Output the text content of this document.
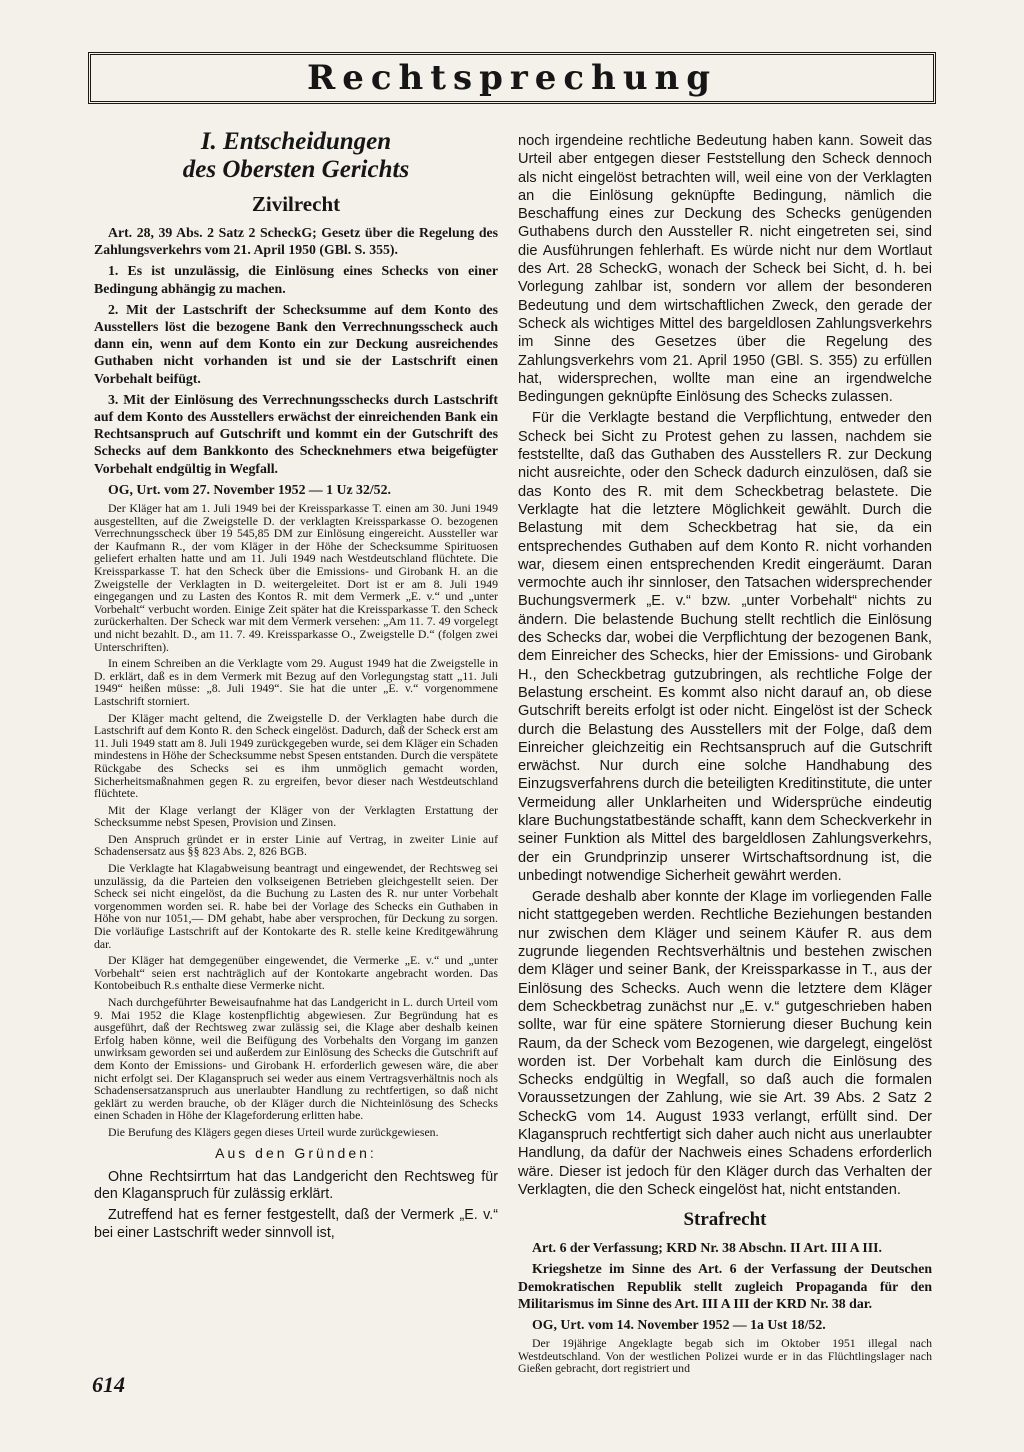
Rechtsprechung

I. Entscheidungen

des Obersten Gerichts

Zivilrecht

Art. 28, 39 Abs. 2 Satz 2 ScheckG; Gesetz über die Regelung des Zahlungsverkehrs vom 21. April 1950 (GBl. S. 355).

1. Es ist unzulässig, die Einlösung eines Schecks von einer Bedingung abhängig zu machen.

2. Mit der Lastschrift der Schecksumme auf dem Konto des Ausstellers löst die bezogene Bank den Verrechnungsscheck auch dann ein, wenn auf dem Konto ein zur Deckung ausreichendes Guthaben nicht vorhanden ist und sie der Lastschrift einen Vorbehalt beifügt.

3. Mit der Einlösung des Verrechnungsschecks durch Lastschrift auf dem Konto des Ausstellers erwächst der einreichenden Bank ein Rechtsanspruch auf Gutschrift und kommt ein der Gutschrift des Schecks auf dem Bankkonto des Schecknehmers etwa beigefügter Vorbehalt endgültig in Wegfall.

OG, Urt. vom 27. November 1952 — 1 Uz 32/52.

Der Kläger hat am 1. Juli 1949 bei der Kreissparkasse T. einen am 30. Juni 1949 ausgestellten, auf die Zweigstelle D. der verklagten Kreissparkasse O. bezogenen Verrechnungsscheck über 19 545,85 DM zur Einlösung eingereicht. Aussteller war der Kaufmann R., der vom Kläger in der Höhe der Schecksumme Spirituosen geliefert erhalten hatte und am 11. Juli 1949 nach Westdeutschland flüchtete. Die Kreissparkasse T. hat den Scheck über die Emissions- und Girobank H. an die Zweigstelle der Verklagten in D. weitergeleitet. Dort ist er am 8. Juli 1949 eingegangen und zu Lasten des Kontos R. mit dem Vermerk „E. v.“ und „unter Vorbehalt“ verbucht worden. Einige Zeit später hat die Kreissparkasse T. den Scheck zurückerhalten. Der Scheck war mit dem Vermerk versehen: „Am 11. 7. 49 vorgelegt und nicht bezahlt. D., am 11. 7. 49. Kreissparkasse O., Zweigstelle D.“ (folgen zwei Unterschriften).

In einem Schreiben an die Verklagte vom 29. August 1949 hat die Zweigstelle in D. erklärt, daß es in dem Vermerk mit Bezug auf den Vorlegungstag statt „11. Juli 1949“ heißen müsse: „8. Juli 1949“. Sie hat die unter „E. v.“ vorgenommene Lastschrift storniert.

Der Kläger macht geltend, die Zweigstelle D. der Verklagten habe durch die Lastschrift auf dem Konto R. den Scheck eingelöst. Dadurch, daß der Scheck erst am 11. Juli 1949 statt am 8. Juli 1949 zurückgegeben wurde, sei dem Kläger ein Schaden mindestens in Höhe der Schecksumme nebst Spesen entstanden. Durch die verspätete Rückgabe des Schecks sei es ihm unmöglich gemacht worden, Sicherheitsmaßnahmen gegen R. zu ergreifen, bevor dieser nach Westdeutschland flüchtete.

Mit der Klage verlangt der Kläger von der Verklagten Erstattung der Schecksumme nebst Spesen, Provision und Zinsen.

Den Anspruch gründet er in erster Linie auf Vertrag, in zweiter Linie auf Schadensersatz aus §§ 823 Abs. 2, 826 BGB.

Die Verklagte hat Klagabweisung beantragt und eingewendet, der Rechtsweg sei unzulässig, da die Parteien den volkseigenen Betrieben gleichgestellt seien. Der Scheck sei nicht eingelöst, da die Buchung zu Lasten des R. nur unter Vorbehalt vorgenommen worden sei. R. habe bei der Vorlage des Schecks ein Guthaben in Höhe von nur 1051,— DM gehabt, habe aber versprochen, für Deckung zu sorgen. Die vorläufige Lastschrift auf der Kontokarte des R. stelle keine Kreditgewährung dar.

Der Kläger hat demgegenüber eingewendet, die Vermerke „E. v.“ und „unter Vorbehalt“ seien erst nachträglich auf der Kontokarte angebracht worden. Das Kontobeibuch R.s enthalte diese Vermerke nicht.

Nach durchgeführter Beweisaufnahme hat das Landgericht in L. durch Urteil vom 9. Mai 1952 die Klage kostenpflichtig abgewiesen. Zur Begründung hat es ausgeführt, daß der Rechtsweg zwar zulässig sei, die Klage aber deshalb keinen Erfolg haben könne, weil die Beifügung des Vorbehalts den Vorgang im ganzen unwirksam geworden sei und außerdem zur Einlösung des Schecks die Gutschrift auf dem Konto der Emissions- und Girobank H. erforderlich gewesen wäre, die aber nicht erfolgt sei. Der Klaganspruch sei weder aus einem Vertragsverhältnis noch als Schadensersatzanspruch aus unerlaubter Handlung zu rechtfertigen, so daß nicht geklärt zu werden brauche, ob der Kläger durch die Nichteinlösung des Schecks einen Schaden in Höhe der Klageforderung erlitten habe.

Die Berufung des Klägers gegen dieses Urteil wurde zurückgewiesen.

Aus den Gründen:

Ohne Rechtsirrtum hat das Landgericht den Rechtsweg für den Klaganspruch für zulässig erklärt.

Zutreffend hat es ferner festgestellt, daß der Vermerk „E. v.“ bei einer Lastschrift weder sinnvoll ist,

noch irgendeine rechtliche Bedeutung haben kann. Soweit das Urteil aber entgegen dieser Feststellung den Scheck dennoch als nicht eingelöst betrachten will, weil eine von der Verklagten an die Einlösung geknüpfte Bedingung, nämlich die Beschaffung eines zur Deckung des Schecks genügenden Guthabens durch den Aussteller R. nicht eingetreten sei, sind die Ausführungen fehlerhaft. Es würde nicht nur dem Wortlaut des Art. 28 ScheckG, wonach der Scheck bei Sicht, d. h. bei Vorlegung zahlbar ist, sondern vor allem der besonderen Bedeutung und dem wirtschaftlichen Zweck, den gerade der Scheck als wichtiges Mittel des bargeldlosen Zahlungsverkehrs im Sinne des Gesetzes über die Regelung des Zahlungsverkehrs vom 21. April 1950 (GBl. S. 355) zu erfüllen hat, widersprechen, wollte man eine an irgendwelche Bedingungen geknüpfte Einlösung des Schecks zulassen.

Für die Verklagte bestand die Verpflichtung, entweder den Scheck bei Sicht zu Protest gehen zu lassen, nachdem sie feststellte, daß das Guthaben des Ausstellers R. zur Deckung nicht ausreichte, oder den Scheck dadurch einzulösen, daß sie das Konto des R. mit dem Scheckbetrag belastete. Die Verklagte hat die letztere Möglichkeit gewählt. Durch die Belastung mit dem Scheckbetrag hat sie, da ein entsprechendes Guthaben auf dem Konto R. nicht vorhanden war, diesem einen entsprechenden Kredit eingeräumt. Daran vermochte auch ihr sinnloser, den Tatsachen widersprechender Buchungsvermerk „E. v.“ bzw. „unter Vorbehalt“ nichts zu ändern. Die belastende Buchung stellt rechtlich die Einlösung des Schecks dar, wobei die Verpflichtung der bezogenen Bank, dem Einreicher des Schecks, hier der Emissions- und Girobank H., den Scheckbetrag gutzubringen, als rechtliche Folge der Belastung erscheint. Es kommt also nicht darauf an, ob diese Gutschrift bereits erfolgt ist oder nicht. Eingelöst ist der Scheck durch die Belastung des Ausstellers mit der Folge, daß dem Einreicher gleichzeitig ein Rechtsanspruch auf die Gutschrift erwächst. Nur durch eine solche Handhabung des Einzugsverfahrens durch die beteiligten Kreditinstitute, die unter Vermeidung aller Unklarheiten und Widersprüche eindeutig klare Buchungstatbestände schafft, kann dem Scheckverkehr in seiner Funktion als Mittel des bargeldlosen Zahlungsverkehrs, der ein Grundprinzip unserer Wirtschaftsordnung ist, die unbedingt notwendige Sicherheit gewährt werden.

Gerade deshalb aber konnte der Klage im vorliegenden Falle nicht stattgegeben werden. Rechtliche Beziehungen bestanden nur zwischen dem Kläger und seinem Käufer R. aus dem zugrunde liegenden Rechtsverhältnis und bestehen zwischen dem Kläger und seiner Bank, der Kreissparkasse in T., aus der Einlösung des Schecks. Auch wenn die letztere dem Kläger dem Scheckbetrag zunächst nur „E. v.“ gutgeschrieben haben sollte, war für eine spätere Stornierung dieser Buchung kein Raum, da der Scheck vom Bezogenen, wie dargelegt, eingelöst worden ist. Der Vorbehalt kam durch die Einlösung des Schecks endgültig in Wegfall, so daß auch die formalen Voraussetzungen der Zahlung, wie sie Art. 39 Abs. 2 Satz 2 ScheckG vom 14. August 1933 verlangt, erfüllt sind. Der Klaganspruch rechtfertigt sich daher auch nicht aus unerlaubter Handlung, da dafür der Nachweis eines Schadens erforderlich wäre. Dieser ist jedoch für den Kläger durch das Verhalten der Verklagten, die den Scheck eingelöst hat, nicht entstanden.

Strafrecht

Art. 6 der Verfassung; KRD Nr. 38 Abschn. II Art. III A III.

Kriegshetze im Sinne des Art. 6 der Verfassung der Deutschen Demokratischen Republik stellt zugleich Propaganda für den Militarismus im Sinne des Art. III A III der KRD Nr. 38 dar.

OG, Urt. vom 14. November 1952 — 1a Ust 18/52.

Der 19jährige Angeklagte begab sich im Oktober 1951 illegal nach Westdeutschland. Von der westlichen Polizei wurde er in das Flüchtlingslager nach Gießen gebracht, dort registriert und

614
